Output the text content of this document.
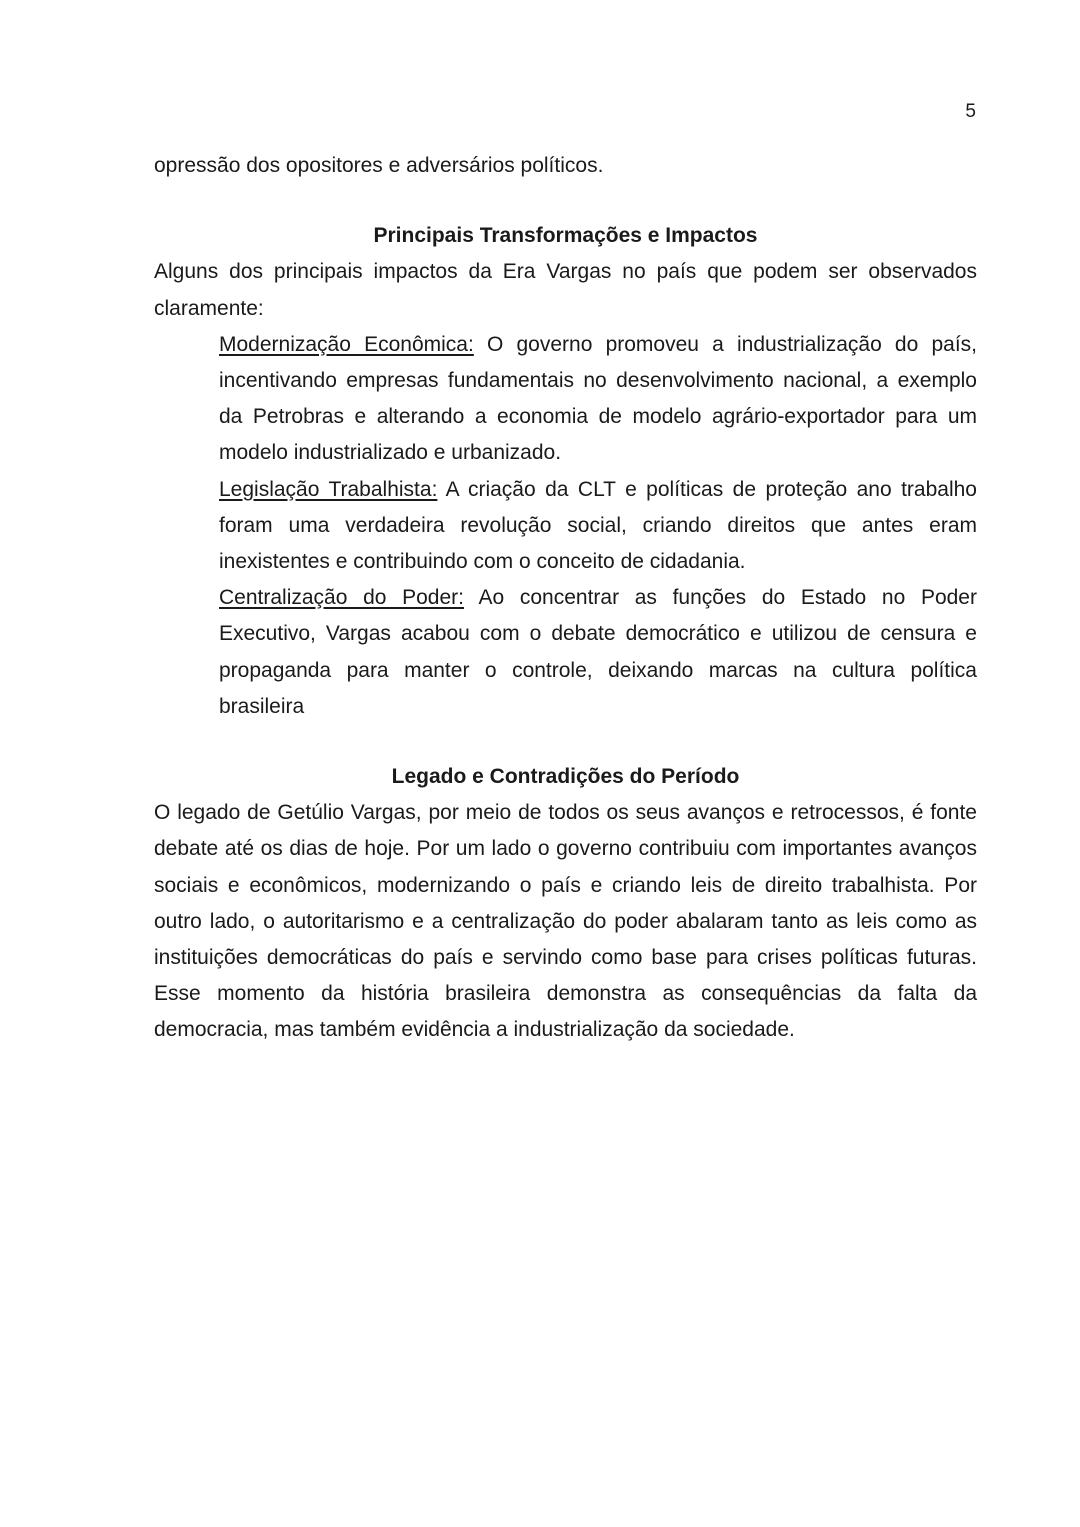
5

opressão dos opositores e adversários políticos.

Principais Transformações e Impactos

Alguns dos principais impactos da Era Vargas no país que podem ser observados claramente:

Modernização Econômica: O governo promoveu a industrialização do país, incentivando empresas fundamentais no desenvolvimento nacional, a exemplo da Petrobras e alterando a economia de modelo agrário-exportador para um modelo industrializado e urbanizado.

Legislação Trabalhista: A criação da CLT e políticas de proteção ano trabalho foram uma verdadeira revolução social, criando direitos que antes eram inexistentes e contribuindo com o conceito de cidadania.

Centralização do Poder: Ao concentrar as funções do Estado no Poder Executivo, Vargas acabou com o debate democrático e utilizou de censura e propaganda para manter o controle, deixando marcas na cultura política brasileira

Legado e Contradições do Período

O legado de Getúlio Vargas, por meio de todos os seus avanços e retrocessos, é fonte debate até os dias de hoje. Por um lado o governo contribuiu com importantes avanços sociais e econômicos, modernizando o país e criando leis de direito trabalhista. Por outro lado, o autoritarismo e a centralização do poder abalaram tanto as leis como as instituições democráticas do país e servindo como base para crises políticas futuras. Esse momento da história brasileira demonstra as consequências da falta da democracia, mas também evidência a industrialização da sociedade.
